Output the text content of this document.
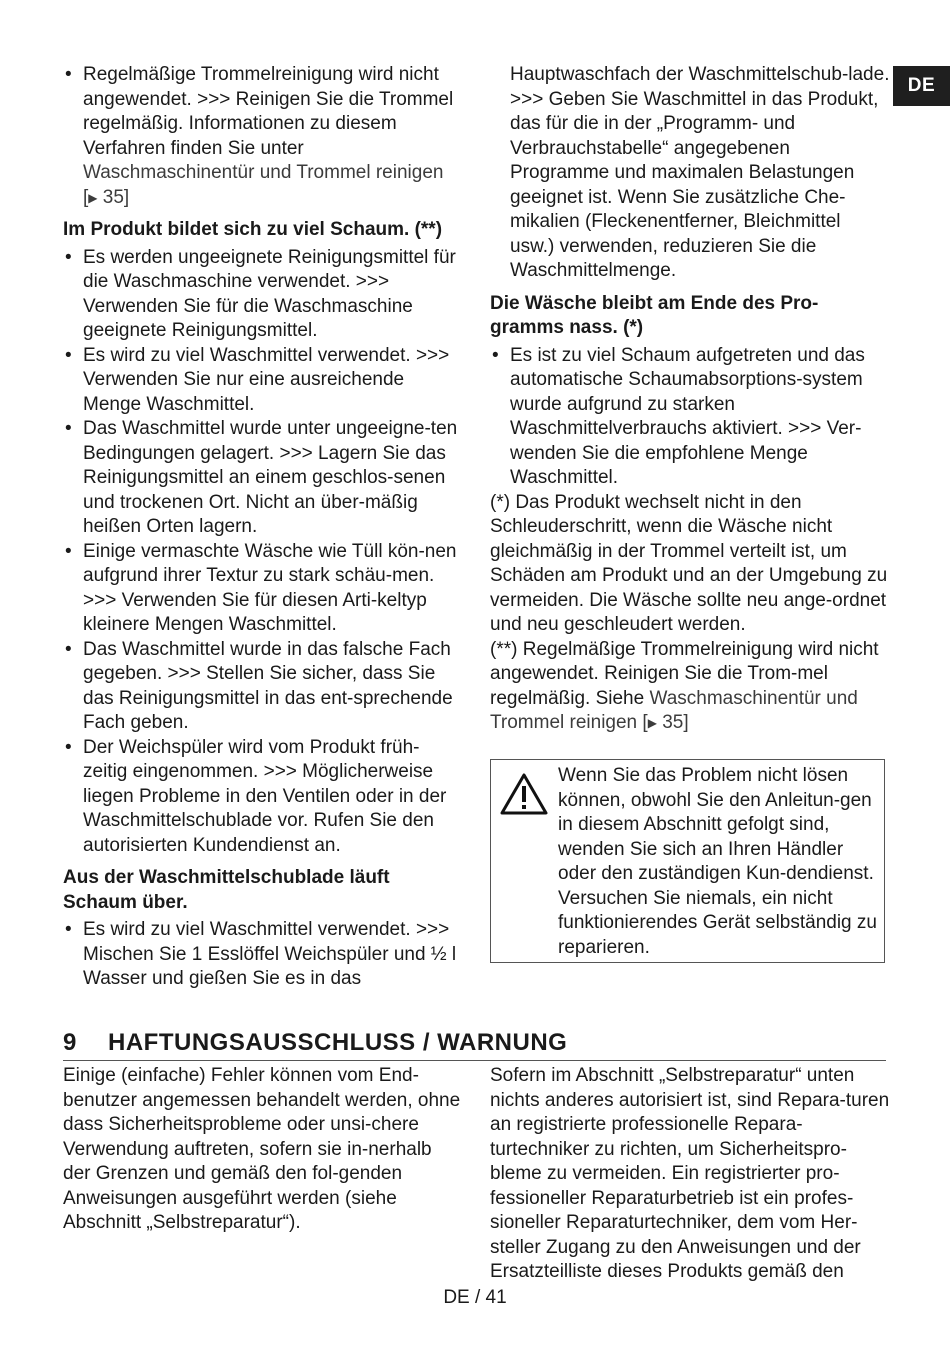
DE
• Regelmäßige Trommelreinigung wird nicht angewendet. >>> Reinigen Sie die Trommel regelmäßig. Informationen zu diesem Verfahren finden Sie unter Waschmaschinentür und Trommel reinigen
[▶ 35]
Im Produkt bildet sich zu viel Schaum. (**)
• Es werden ungeeignete Reinigungsmittel für die Waschmaschine verwendet. >>> Verwenden Sie für die Waschmaschine geeignete Reinigungsmittel.
• Es wird zu viel Waschmittel verwendet. >>> Verwenden Sie nur eine ausreichende Menge Waschmittel.
• Das Waschmittel wurde unter ungeeigne-ten Bedingungen gelagert. >>> Lagern Sie das Reinigungsmittel an einem geschlos-senen und trockenen Ort. Nicht an über-mäßig heißen Orten lagern.
• Einige vermaschte Wäsche wie Tüll kön-nen aufgrund ihrer Textur zu stark schäu-men. >>> Verwenden Sie für diesen Arti-keltyp kleinere Mengen Waschmittel.
• Das Waschmittel wurde in das falsche Fach gegeben. >>> Stellen Sie sicher, dass Sie das Reinigungsmittel in das ent-sprechende Fach geben.
• Der Weichspüler wird vom Produkt früh-zeitig eingenommen. >>> Möglicherweise liegen Probleme in den Ventilen oder in der Waschmittelschublade vor. Rufen Sie den autorisierten Kundendienst an.
Aus der Waschmittelschublade läuft Schaum über.
• Es wird zu viel Waschmittel verwendet. >>> Mischen Sie 1 Esslöffel Weichspüler und ½ l Wasser und gießen Sie es in das

Hauptwaschfach der Waschmittelschub-lade. >>> Geben Sie Waschmittel in das Produkt, das für die in der „Programm- und Verbrauchstabelle“ angegebenen Programme und maximalen Belastungen geeignet ist. Wenn Sie zusätzliche Che-mikalien (Fleckenentferner, Bleichmittel usw.) verwenden, reduzieren Sie die Waschmittelmenge.

Die Wäsche bleibt am Ende des Pro-gramms nass. (*)
• Es ist zu viel Schaum aufgetreten und das automatische Schaumabsorptions-system wurde aufgrund zu starken Waschmittelverbrauchs aktiviert. >>> Ver-wenden Sie die empfohlene Menge Waschmittel.

(*) Das Produkt wechselt nicht in den Schleuderschritt, wenn die Wäsche nicht gleichmäßig in der Trommel verteilt ist, um Schäden am Produkt und an der Umgebung zu vermeiden. Die Wäsche sollte neu ange-ordnet und neu geschleudert werden.

(**) Regelmäßige Trommelreinigung wird nicht angewendet. Reinigen Sie die Trom-mel regelmäßig. Siehe Waschmaschinentür und Trommel reinigen [▶ 35]

Wenn Sie das Problem nicht lösen können, obwohl Sie den Anleitun-gen in diesem Abschnitt gefolgt sind, wenden Sie sich an Ihren Händler oder den zuständigen Kun-dendienst. Versuchen Sie niemals, ein nicht funktionierendes Gerät selbständig zu reparieren.
9 HAFTUNGSAUSSCHLUSS / WARNUNG
Einige (einfache) Fehler können vom End-benutzer angemessen behandelt werden, ohne dass Sicherheitsprobleme oder unsi-chere Verwendung auftreten, sofern sie in-nerhalb der Grenzen und gemäß den fol-genden Anweisungen ausgeführt werden (siehe Abschnitt „Selbstreparatur“).
Sofern im Abschnitt „Selbstreparatur“ unten nichts anderes autorisiert ist, sind Repara-turen an registrierte professionelle Repara-turtechniker zu richten, um Sicherheitspro-bleme zu vermeiden. Ein registrierter pro-fessioneller Reparaturbetrieb ist ein profes-sioneller Reparaturtechniker, dem vom Her-steller Zugang zu den Anweisungen und der Ersatzteilliste dieses Produkts gemäß den
DE / 41
